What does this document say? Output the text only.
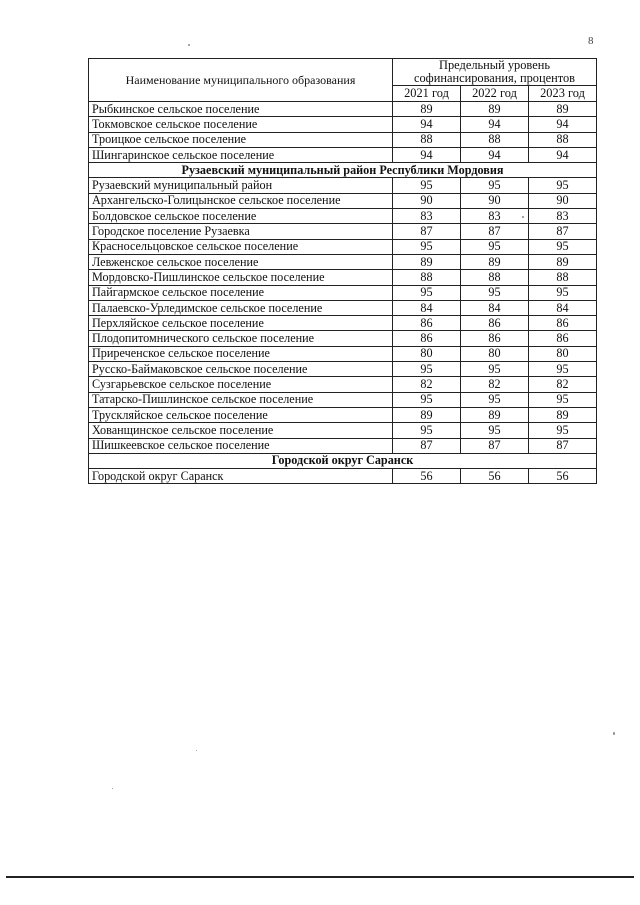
8
Наименование муниципального образования	Предельный уровень софинансирования, процентов		
	2021 год	2022 год	2023 год
Рыбкинское сельское поселение	89	89	89
Токмовское сельское поселение	94	94	94
Троицкое сельское поселение	88	88	88
Шингаринское сельское поселение	94	94	94
Рузаевский муниципальный район Республики Мордовия			
Рузаевский муниципальный район	95	95	95
Архангельско-Голицынское сельское поселение	90	90	90
Болдовское сельское поселение	83	83	83
Городское поселение Рузаевка	87	87	87
Красносельцовское сельское поселение	95	95	95
Левженское сельское поселение	89	89	89
Мордовско-Пишлинское сельское поселение	88	88	88
Пайгармское сельское поселение	95	95	95
Палаевско-Урледимское сельское поселение	84	84	84
Перхляйское сельское поселение	86	86	86
Плодопитомнического сельское поселение	86	86	86
Приреченское сельское поселение	80	80	80
Русско-Баймаковское сельское поселение	95	95	95
Сузгарьевское сельское поселение	82	82	82
Татарско-Пишлинское сельское поселение	95	95	95
Трускляйское сельское поселение	89	89	89
Хованщинское сельское поселение	95	95	95
Шишкеевское сельское поселение	87	87	87
Городской округ Саранск			
Городской округ Саранск	56	56	56
